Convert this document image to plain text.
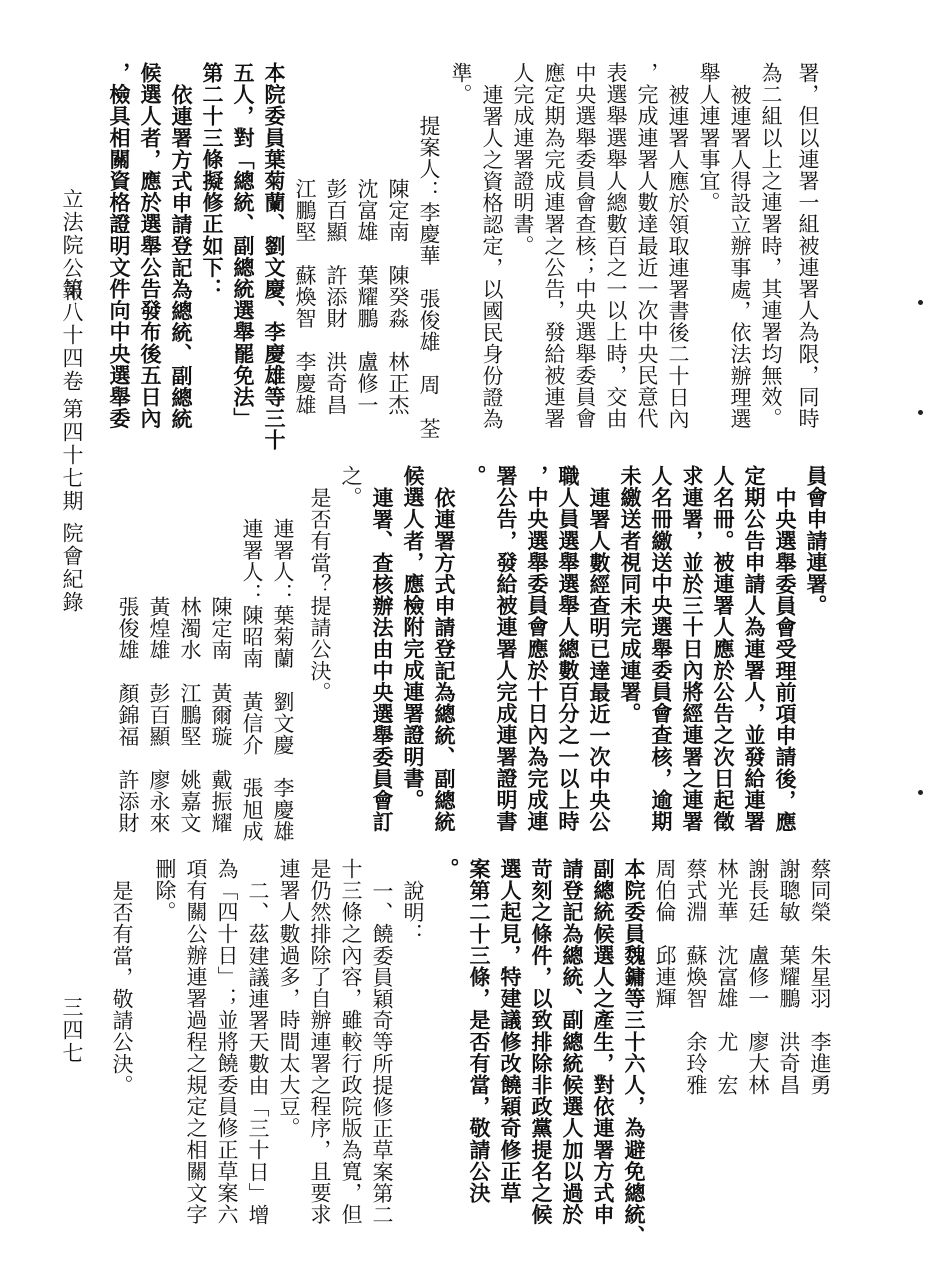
立法院公報
第八十四卷
第四十七期
院會紀錄
三四七
署，但以連署一組被連署人為限，同時
為二組以上之連署時，其連署均無效。
被連署人得設立辦事處，依法辦理選
舉人連署事宜。
被連署人應於領取連署書後二十日內
，完成連署人數達最近一次中央民意代
表選舉選舉人總數百之一以上時，交由
中央選舉委員會查核；中央選舉委員會
應定期為完成連署之公告，發給被連署
人完成連署證明書。
連署人之資格認定，以國民身份證為
準。
提案人：李慶華　張俊雄　周　荃
陳定南　陳癸淼　林正杰
沈富雄　葉耀鵬　盧修一
彭百顯　許添財　洪奇昌
江鵬堅　蘇煥智　李慶雄
本院委員葉菊蘭、劉文慶、李慶雄等三十
五人，對「總統、副總統選舉罷免法」
第二十三條擬修正如下：
依連署方式申請登記為總統、副總統
候選人者，應於選舉公告發布後五日內
，檢具相關資格證明文件向中央選舉委
員會申請連署。
中央選舉委員會受理前項申請後，應
定期公告申請人為連署人，並發給連署
人名冊。被連署人應於公告之次日起徵
求連署，並於三十日內將經連署之連署
人名冊繳送中央選舉委員會查核，逾期
未繳送者視同未完成連署。
連署人數經查明已達最近一次中央公
職人員選舉選舉人總數百分之一以上時
，中央選舉委員會應於十日內為完成連
署公告，發給被連署人完成連署證明書
。
依連署方式申請登記為總統、副總統
候選人者，應檢附完成連署證明書。
連署、查核辦法由中央選舉委員會訂
之。
是否有當？提請公決。
連署人：葉菊蘭　劉文慶　李慶雄
連署人：陳昭南　黃信介　張旭成
陳定南　黃爾璇　戴振耀
林濁水　江鵬堅　姚嘉文
黃煌雄　彭百顯　廖永來
張俊雄　顏錦福　許添財
蔡同榮　朱星羽　李進勇
謝聰敏　葉耀鵬　洪奇昌
謝長廷　盧修一　廖大林
林光華　沈富雄　尤　宏
蔡式淵　蘇煥智　余玲雅
周伯倫　邱連輝
本院委員魏鏞等三十六人，為避免總統、
副總統候選人之產生，對依連署方式申
請登記為總統、副總統候選人加以過於
苛刻之條件，以致排除非政黨提名之候
選人起見，特建議修改饒穎奇修正草
案第二十三條，是否有當，敬請公決
。
說明：
一、饒委員穎奇等所提修正草案第二
十三條之內容，雖較行政院版為寬，但
是仍然排除了自辦連署之程序，且要求
連署人數過多，時間太大豆。
二、茲建議連署天數由「三十日」增
為「四十日」；並將饒委員修正草案六
項有關公辦連署過程之規定之相關文字
刪除。
是否有當，敬請公決。
